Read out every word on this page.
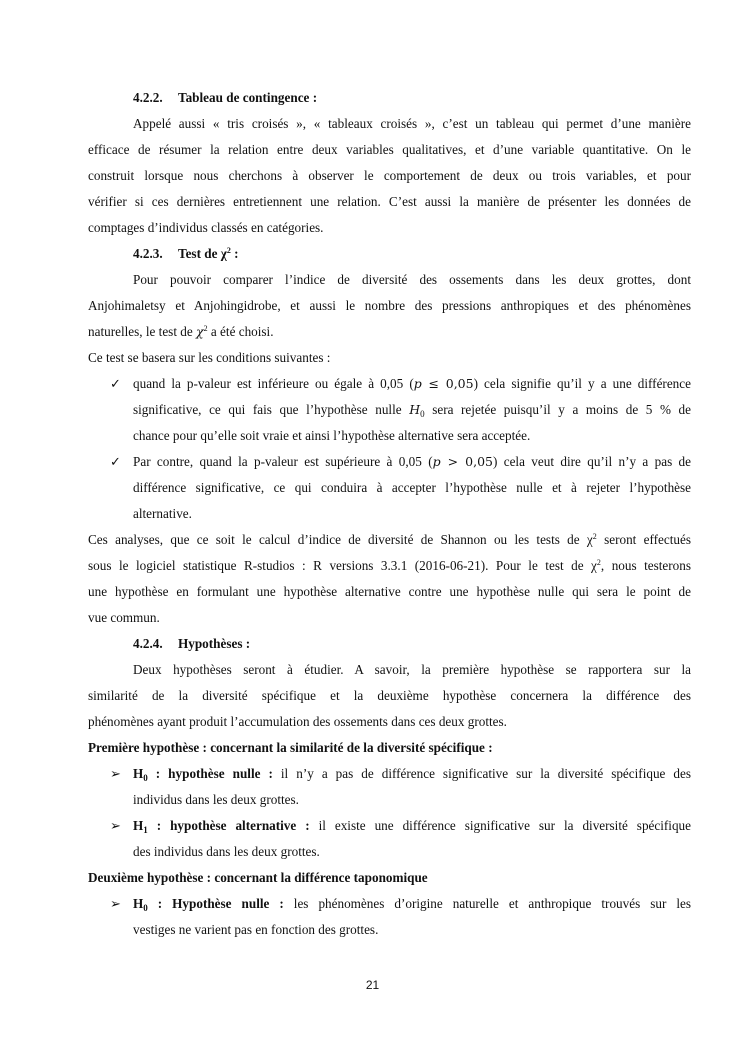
4.2.2. Tableau de contingence :
Appelé aussi « tris croisés », « tableaux croisés », c’est un tableau qui permet d’une manière
efficace de résumer la relation entre deux variables qualitatives, et d’une variable quantitative. On le
construit lorsque nous cherchons à observer le comportement de deux ou trois variables, et pour
vérifier si ces dernières entretiennent une relation. C’est aussi la manière de présenter les données de
comptages d’individus classés en catégories.
4.2.3. Test de $\chi^2$ :
Pour pouvoir comparer l’indice de diversité des ossements dans les deux grottes, dont
Anjohimaletsy et Anjohingidrobe, et aussi le nombre des pressions anthropiques et des phénomènes
naturelles, le test de $\chi^2$ a été choisi.
Ce test se basera sur les conditions suivantes :
✓ quand la p-valeur est inférieure ou égale à 0,05 (p ≤ 0,05) cela signifie qu’il y a une différence
significative, ce qui fais que l’hypothèse nulle $H_0$ sera rejetée puisqu’il y a moins de 5 % de
chance pour qu’elle soit vraie et ainsi l’hypothèse alternative sera acceptée.
✓ Par contre, quand la p-valeur est supérieure à 0,05 (p > 0,05) cela veut dire qu’il n’y a pas de
différence significative, ce qui conduira à accepter l’hypothèse nulle et à rejeter l’hypothèse
alternative.
Ces analyses, que ce soit le calcul d’indice de diversité de Shannon ou les tests de $\chi^2$ seront effectués
sous le logiciel statistique R-studios : R versions 3.3.1 (2016-06-21). Pour le test de $\chi^2$, nous testerons
une hypothèse en formulant une hypothèse alternative contre une hypothèse nulle qui sera le point de
vue commun.
4.2.4. Hypothèses :
Deux hypothèses seront à étudier. A savoir, la première hypothèse se rapportera sur la
similarité de la diversité spécifique et la deuxième hypothèse concernera la différence des
phénomènes ayant produit l’accumulation des ossements dans ces deux grottes.
Première hypothèse : concernant la similarité de la diversité spécifique :
➢ $H_0$ : hypothèse nulle : il n’y a pas de différence significative sur la diversité spécifique des
individus dans les deux grottes.
➢ $H_1$ : hypothèse alternative : il existe une différence significative sur la diversité spécifique
des individus dans les deux grottes.
Deuxième hypothèse : concernant la différence taponomique
➢ $H_0$ : Hypothèse nulle : les phénomènes d’origine naturelle et anthropique trouvés sur les
vestiges ne varient pas en fonction des grottes.
21
